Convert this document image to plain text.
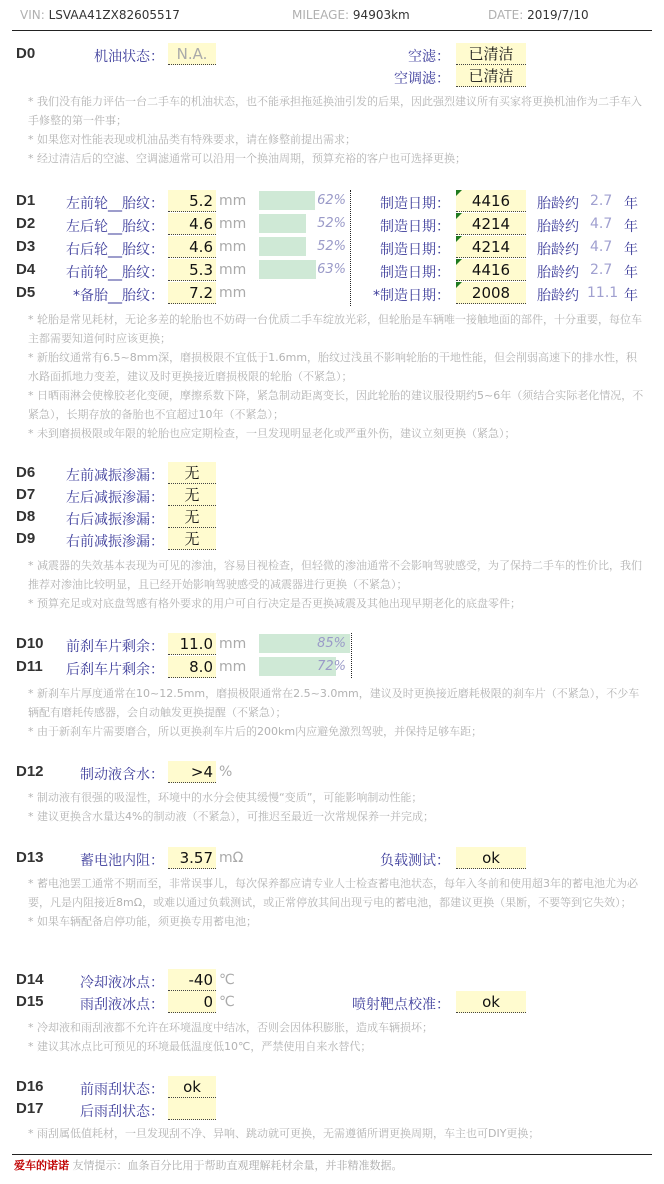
VIN: LSVAA41ZX82605517	MILEAGE: 94903km	DATE: 2019/7/10
D0	机油状态： N.A.	空滤：	已清洁
空调滤：	已清洁
* 我们没有能力评估一台二手车的机油状态，也不能承担拖延换油引发的后果，因此强烈建议所有买家将更换机油作为二手车入手修整的第一件事；
* 如果您对性能表现或机油品类有特殊要求，请在修整前提出需求；
* 经过清洁后的空滤、空调滤通常可以沿用一个换油周期，预算充裕的客户也可选择更换；
D1	左前轮__胎纹：	5.2 mm	62%	制造日期：	4416	胎龄约 2.7 年
D2	左后轮__胎纹：	4.6 mm	52%	制造日期：	4214	胎龄约 4.7 年
D3	右后轮__胎纹：	4.6 mm	52%	制造日期：	4214	胎龄约 4.7 年
D4	右前轮__胎纹：	5.3 mm	63%	制造日期：	4416	胎龄约 2.7 年
D5	*备胎__胎纹：	7.2 mm	*制造日期：	2008	胎龄约 11.1 年
* 轮胎是常见耗材，无论多差的轮胎也不妨碍一台优质二手车绽放光彩，但轮胎是车辆唯一接触地面的部件，十分重要，每位车主都需要知道何时应该更换；
* 新胎纹通常有6.5~8mm深，磨损极限不宜低于1.6mm，胎纹过浅虽不影响轮胎的干地性能，但会削弱高速下的排水性，积水路面抓地力变差，建议及时更换接近磨损极限的轮胎（不紧急）；
* 日晒雨淋会使橡胶老化变硬，摩擦系数下降，紧急制动距离变长，因此轮胎的建议服役期约5~6年（须结合实际老化情况，不紧急），长期存放的备胎也不宜超过10年（不紧急）；
* 未到磨损极限或年限的轮胎也应定期检查，一旦发现明显老化或严重外伤，建议立刻更换（紧急）；
D6	左前减振渗漏：	无
D7	左后减振渗漏：	无
D8	右后减振渗漏：	无
D9	右前减振渗漏：	无
* 减震器的失效基本表现为可见的渗油，容易目视检查，但轻微的渗油通常不会影响驾驶感受，为了保持二手车的性价比，我们推荐对渗油比较明显，且已经开始影响驾驶感受的减震器进行更换（不紧急）；
* 预算充足或对底盘驾感有格外要求的用户可自行决定是否更换减震及其他出现早期老化的底盘零件；
D10	前刹车片剩余：	11.0 mm	85%
D11	后刹车片剩余：	8.0 mm	72%
* 新刹车片厚度通常在10~12.5mm，磨损极限通常在2.5~3.0mm，建议及时更换接近磨耗极限的刹车片（不紧急），不少车辆配有磨耗传感器，会自动触发更换提醒（不紧急）；
* 由于新刹车片需要磨合，所以更换刹车片后的200km内应避免激烈驾驶，并保持足够车距；
D12	制动液含水：	>4 %
* 制动液有很强的吸湿性，环境中的水分会使其缓慢“变质”，可能影响制动性能；
* 建议更换含水量达4%的制动液（不紧急），可推迟至最近一次常规保养一并完成；
D13	蓄电池内阻：	3.57 mΩ	负载测试：	ok
* 蓄电池罢工通常不期而至，非常误事儿，每次保养都应请专业人士检查蓄电池状态，每年入冬前和使用超3年的蓄电池尤为必要，凡是内阻接近8mΩ，或难以通过负载测试，或正常停放其间出现亏电的蓄电池，都建议更换（果断，不要等到它失效）；
* 如果车辆配备启停功能，须更换专用蓄电池；
D14	冷却液冰点：	-40 ℃
D15	雨刮液冰点：	0 ℃	喷射靶点校准：	ok
* 冷却液和雨刮液都不允许在环境温度中结冰，否则会因体积膨胀，造成车辆损坏；
* 建议其冰点比可预见的环境最低温度低10℃，严禁使用自来水替代；
D16	前雨刮状态：	ok
D17	后雨刮状态：
* 雨刮属低值耗材，一旦发现刮不净、异响、跳动就可更换，无需遵循所谓更换周期，车主也可DIY更换；
爱车的诺诺 友情提示：血条百分比用于帮助直观理解耗材余量，并非精准数据。
